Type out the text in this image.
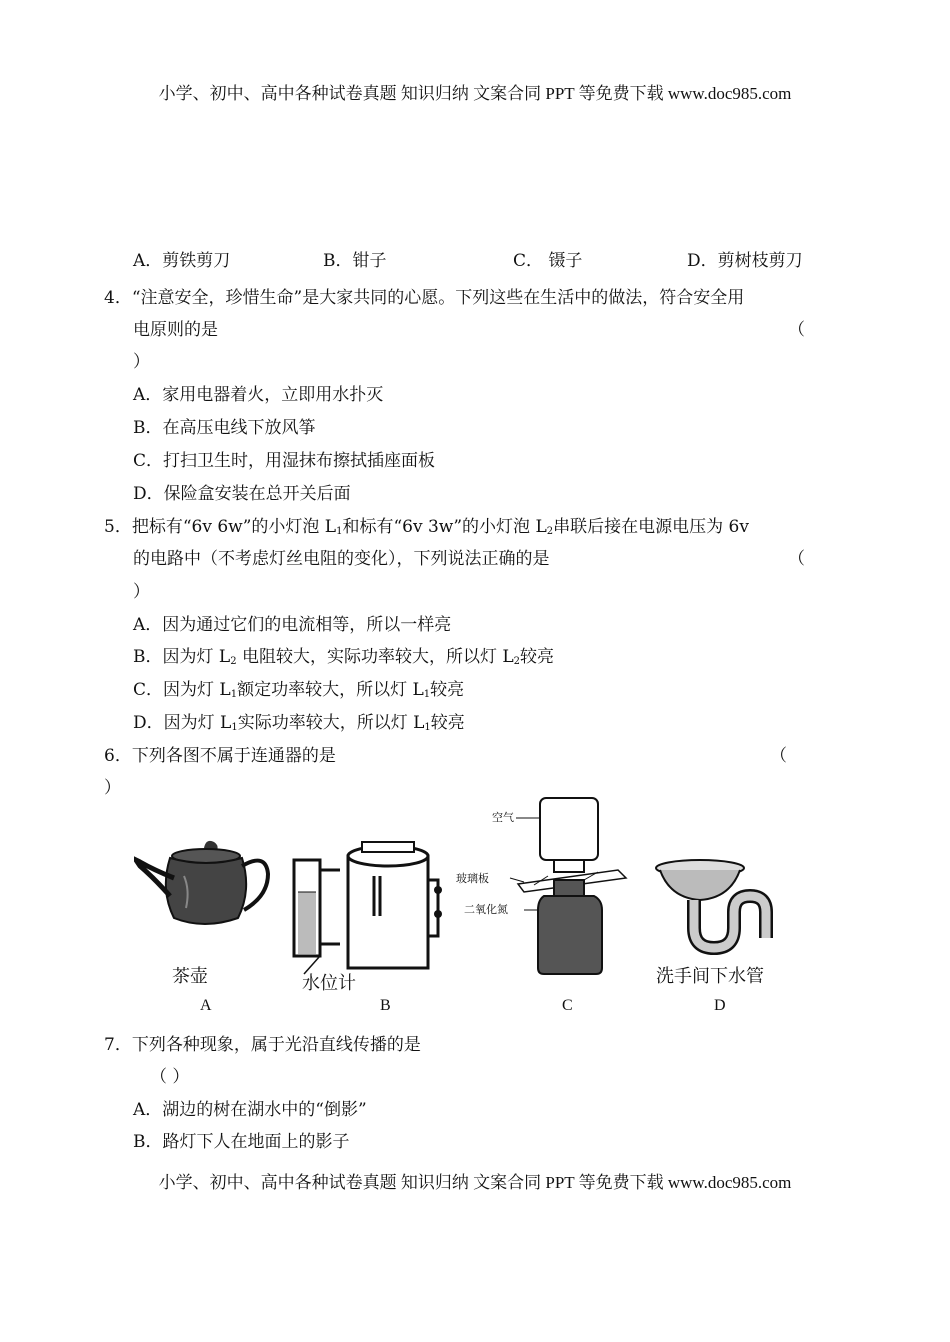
小学、初中、高中各种试卷真题 知识归纳 文案合同 PPT 等免费下载 www.doc985.com
A．剪铁剪刀	B．钳子	C． 镊子	D．剪树枝剪刀
4．“注意安全，珍惜生命”是大家共同的心愿。下列这些在生活中的做法，符合安全用
电原则的是	（
）
A．家用电器着火，立即用水扑灭
B．在高压电线下放风筝
C．打扫卫生时，用湿抹布擦拭插座面板
D．保险盒安装在总开关后面
5．把标有“6v 6w”的小灯泡 $L_1$和标有“6v 3w”的小灯泡 $L_2$串联后接在电源电压为 6v
的电路中（不考虑灯丝电阻的变化），下列说法正确的是	（
）
A．因为通过它们的电流相等，所以一样亮
B．因为灯 $L_2$ 电阻较大，实际功率较大，所以灯 $L_2$较亮
C．因为灯 $L_1$额定功率较大，所以灯 $L_1$较亮
D．因为灯 $L_1$实际功率较大，所以灯 $L_1$较亮
6．下列各图不属于连通器的是	（
）
茶壶	水位计
空气
玻璃板
二氧化氮
洗手间下水管
A	B	C	D
7．下列各种现象，属于光沿直线传播的是
（ ）
A．湖边的树在湖水中的“倒影”
B．路灯下人在地面上的影子
小学、初中、高中各种试卷真题 知识归纳 文案合同 PPT 等免费下载 www.doc985.com
